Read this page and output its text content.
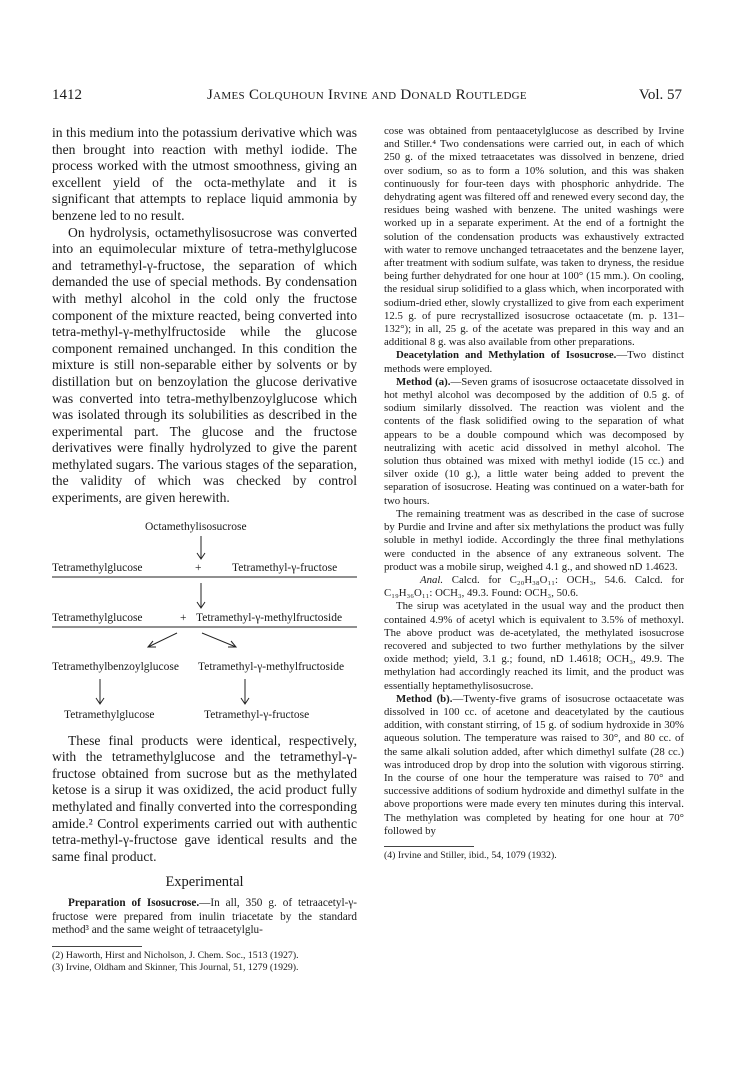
1412	James Colquhoun Irvine and Donald Routledge	Vol. 57

in this medium into the potassium derivative which was then brought into reaction with methyl iodide. The process worked with the utmost smoothness, giving an excellent yield of the octa-methylate and it is significant that attempts to replace liquid ammonia by benzene led to no result.

On hydrolysis, octamethylisosucrose was converted into an equimolecular mixture of tetra-methylglucose and tetramethyl-γ-fructose, the separation of which demanded the use of special methods. By condensation with methyl alcohol in the cold only the fructose component of the mixture reacted, being converted into tetra-methyl-γ-methylfructoside while the glucose component remained unchanged. In this condition the mixture is still non-separable either by solvents or by distillation but on benzoylation the glucose derivative was converted into tetra-methylbenzoylglucose which was isolated through its solubilities as described in the experimental part. The glucose and the fructose derivatives were finally hydrolyzed to give the parent methylated sugars. The various stages of the separation, the validity of which was checked by control experiments, are given herewith.

Octamethylisosucrose
Tetramethylglucose	+	Tetramethyl-γ-fructose
Tetramethylglucose	+ Tetramethyl-γ-methylfructoside
Tetramethylbenzoylglucose Tetramethyl-γ-methylfructoside
Tetramethylglucose	Tetramethyl-γ-fructose

These final products were identical, respectively, with the tetramethylglucose and the tetramethyl-γ-fructose obtained from sucrose but as the methylated ketose is a sirup it was oxidized, the acid product fully methylated and finally converted into the corresponding amide.² Control experiments carried out with authentic tetra-methyl-γ-fructose gave identical results and the same final product.

Experimental

Preparation of Isosucrose.—In all, 350 g. of tetraacetyl-γ-fructose were prepared from inulin triacetate by the standard method³ and the same weight of tetraacetylglu-

(2) Haworth, Hirst and Nicholson, J. Chem. Soc., 1513 (1927).

(3) Irvine, Oldham and Skinner, This Journal, 51, 1279 (1929).

cose was obtained from pentaacetylglucose as described by Irvine and Stiller.⁴ Two condensations were carried out, in each of which 250 g. of the mixed tetraacetates was dissolved in benzene, dried over sodium, so as to form a 10% solution, and this was shaken continuously for four-teen days with phosphoric anhydride. The dehydrating agent was filtered off and renewed every second day, the residues being washed with benzene. The united washings were worked up in a separate experiment. At the end of a fortnight the solution of the condensation products was exhaustively extracted with water to remove unchanged tetraacetates and the benzene layer, after treatment with sodium sulfate, was taken to dryness, the residue being further dehydrated for one hour at 100° (15 mm.). On cooling, the residual sirup solidified to a glass which, when incorporated with sodium-dried ether, slowly crystallized to give from each experiment 12.5 g. of pure recrystallized isosucrose octaacetate (m. p. 131–132°); in all, 25 g. of the acetate was prepared in this way and an additional 8 g. was also available from other preparations.

Deacetylation and Methylation of Isosucrose.—Two distinct methods were employed.

Method (a).—Seven grams of isosucrose octaacetate dissolved in hot methyl alcohol was decomposed by the addition of 0.5 g. of sodium similarly dissolved. The reaction was violent and the contents of the flask solidified owing to the separation of what appears to be a double compound which was decomposed by neutralizing with acetic acid dissolved in methyl alcohol. The solution thus obtained was mixed with methyl iodide (15 cc.) and silver oxide (10 g.), a little water being added to prevent the separation of isosucrose. Heating was continued on a water-bath for two hours.

The remaining treatment was as described in the case of sucrose by Purdie and Irvine and after six methylations the product was fully soluble in methyl iodide. Accordingly the three final methylations were conducted in the absence of any extraneous solvent. The product was a mobile sirup, weighed 4.1 g., and showed nD 1.4623.

Anal. Calcd. for C₂₀H₃₈O₁₁: OCH₃, 54.6. Calcd. for C₁₉H₃₆O₁₁: OCH₃, 49.3. Found: OCH₃, 50.6.

The sirup was acetylated in the usual way and the product then contained 4.9% of acetyl which is equivalent to 3.5% of methoxyl. The above product was de-acetylated, the methylated isosucrose recovered and subjected to two further methylations by the silver oxide method; yield, 3.1 g.; found, nD 1.4618; OCH₃, 49.9. The methylation had accordingly reached its limit, and the product was essentially heptamethylisosucrose.

Method (b).—Twenty-five grams of isosucrose octaacetate was dissolved in 100 cc. of acetone and deacetylated by the cautious addition, with constant stirring, of 15 g. of sodium hydroxide in 30% aqueous solution. The temperature was raised to 30°, and 80 cc. of the same alkali solution added, after which dimethyl sulfate (28 cc.) was introduced drop by drop into the solution with vigorous stirring. In the course of one hour the temperature was raised to 70° and successive additions of sodium hydroxide and dimethyl sulfate in the above proportions were made every ten minutes during this interval. The methylation was completed by heating for one hour at 70° followed by

(4) Irvine and Stiller, ibid., 54, 1079 (1932).
